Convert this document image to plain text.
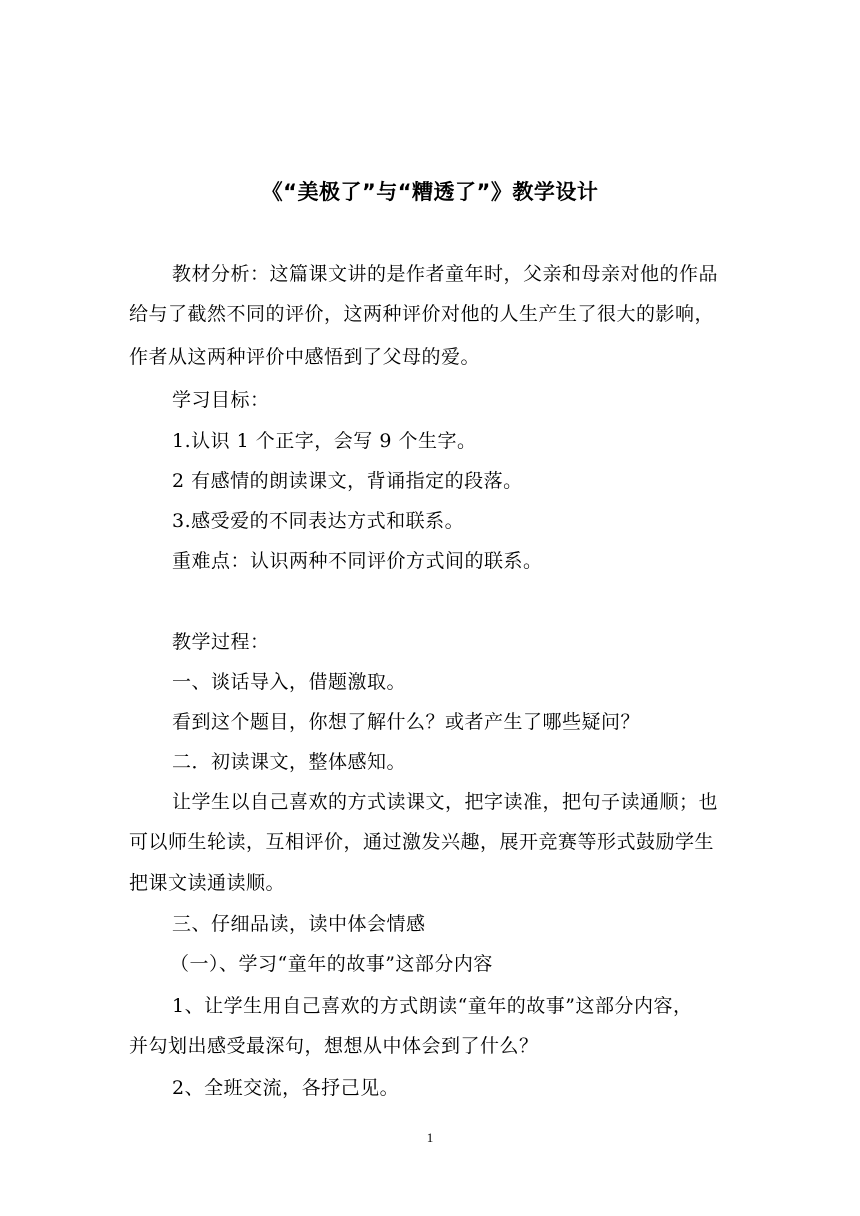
《“美极了”与“糟透了”》教学设计
教材分析：这篇课文讲的是作者童年时，父亲和母亲对他的作品
给与了截然不同的评价，这两种评价对他的人生产生了很大的影响，
作者从这两种评价中感悟到了父母的爱。
学习目标：
1.认识 1 个正字，会写 9 个生字。
2 有感情的朗读课文，背诵指定的段落。
3.感受爱的不同表达方式和联系。
重难点：认识两种不同评价方式间的联系。
教学过程：
一、谈话导入，借题激取。
看到这个题目，你想了解什么？或者产生了哪些疑问？
二．初读课文，整体感知。
让学生以自己喜欢的方式读课文，把字读准，把句子读通顺；也
可以师生轮读，互相评价，通过激发兴趣，展开竞赛等形式鼓励学生
把课文读通读顺。
三、仔细品读，读中体会情感
（一）、学习“童年的故事”这部分内容
1、让学生用自己喜欢的方式朗读“童年的故事”这部分内容，
并勾划出感受最深句，想想从中体会到了什么？
2、全班交流，各抒己见。
1
